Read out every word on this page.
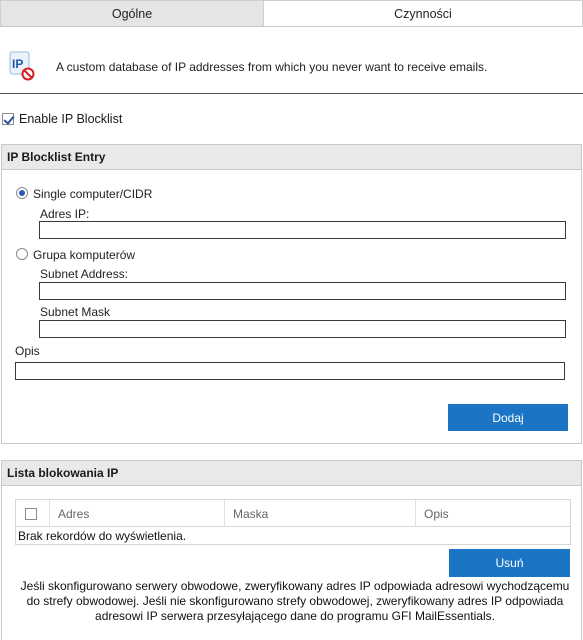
Ogólne	Czynności
IP	A custom database of IP addresses from which you never want to receive emails.
Enable IP Blocklist
IP Blocklist Entry
Single computer/CIDR
Adres IP:
Grupa komputerów
Subnet Address:
Subnet Mask
Opis
Dodaj
Lista blokowania IP
Adres	Maska	Opis
Brak rekordów do wyświetlenia.
Usuń
Jeśli skonfigurowano serwery obwodowe, zweryfikowany adres IP odpowiada adresowi wychodzącemu do strefy obwodowej. Jeśli nie skonfigurowano strefy obwodowej, zweryfikowany adres IP odpowiada adresowi IP serwera przesyłającego dane do programu GFI MailEssentials.
